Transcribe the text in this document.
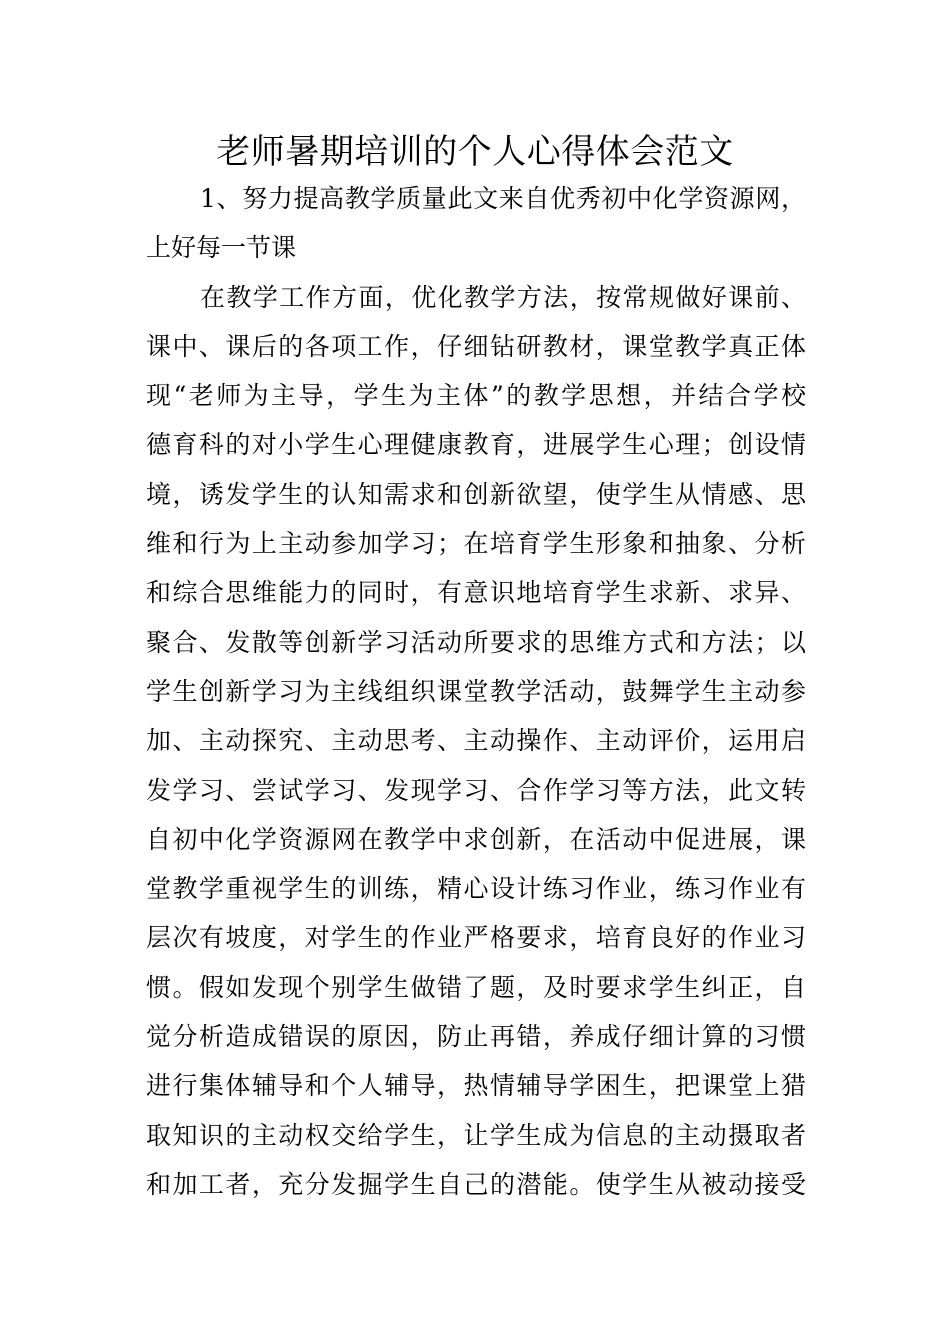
老师暑期培训的个人心得体会范文
1、努力提高教学质量此文来自优秀初中化学资源网，
上好每一节课
在教学工作方面，优化教学方法，按常规做好课前、
课中、课后的各项工作，仔细钻研教材，课堂教学真正体
现“老师为主导，学生为主体”的教学思想，并结合学校
德育科的对小学生心理健康教育，进展学生心理；创设情
境，诱发学生的认知需求和创新欲望，使学生从情感、思
维和行为上主动参加学习；在培育学生形象和抽象、分析
和综合思维能力的同时，有意识地培育学生求新、求异、
聚合、发散等创新学习活动所要求的思维方式和方法；以
学生创新学习为主线组织课堂教学活动，鼓舞学生主动参
加、主动探究、主动思考、主动操作、主动评价，运用启
发学习、尝试学习、发现学习、合作学习等方法，此文转
自初中化学资源网在教学中求创新，在活动中促进展，课
堂教学重视学生的训练，精心设计练习作业，练习作业有
层次有坡度，对学生的作业严格要求，培育良好的作业习
惯。假如发现个别学生做错了题，及时要求学生纠正，自
觉分析造成错误的原因，防止再错，养成仔细计算的习惯
进行集体辅导和个人辅导，热情辅导学困生，把课堂上猎
取知识的主动权交给学生，让学生成为信息的主动摄取者
和加工者，充分发掘学生自己的潜能。使学生从被动接受
